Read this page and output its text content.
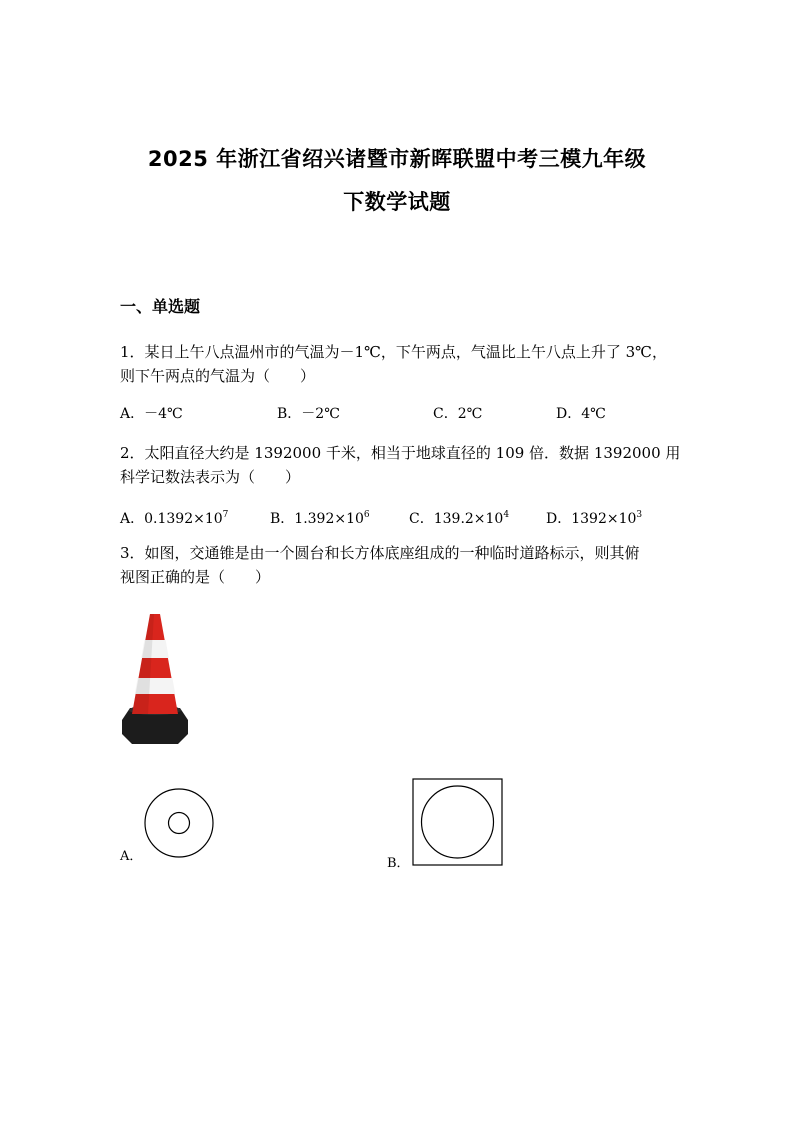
2025 年浙江省绍兴诸暨市新晖联盟中考三模九年级
下数学试题
一、单选题
1．某日上午八点温州市的气温为－1℃，下午两点，气温比上午八点上升了 3℃，
则下午两点的气温为（　　）
A．－4℃	B．－2℃	C．2℃	D．4℃
2．太阳直径大约是 1392000 千米，相当于地球直径的 109 倍．数据 1392000 用
科学记数法表示为（　　）
A．$0.1392\times 10^7$	B．$1.392\times 10^6$	C．$139.2\times 10^4$	D．$1392\times 10^3$
3．如图，交通锥是由一个圆台和长方体底座组成的一种临时道路标示，则其俯
视图正确的是（　　）
A．	B．
